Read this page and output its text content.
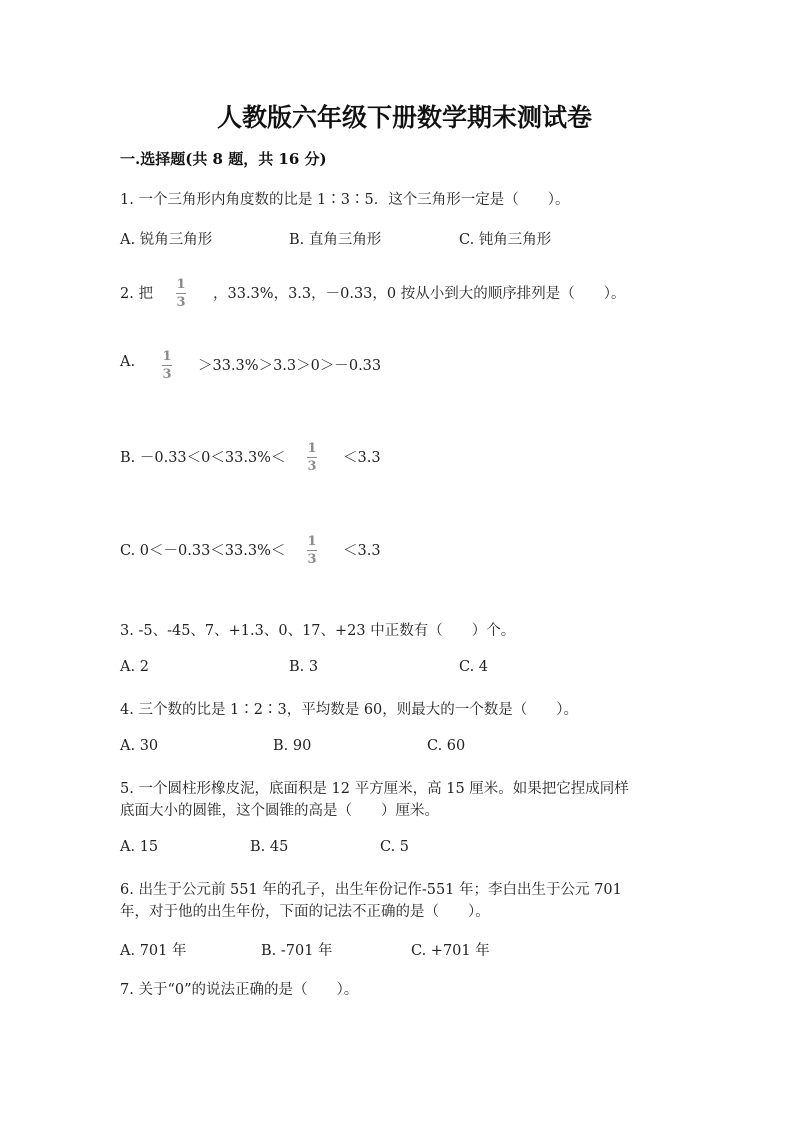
人教版六年级下册数学期末测试卷
一.选择题(共 8 题，共 16 分)
1. 一个三角形内角度数的比是 1∶3∶5．这个三角形一定是（　　）。
A. 锐角三角形	B. 直角三角形	C. 钝角三角形
2. 把
1
3
，33.3%，3.3，－0.33，0 按从小到大的顺序排列是（　　）。
A. 1
3
＞33.3%＞3.3＞0＞－0.33
B. －0.33＜0＜33.3%＜
1
3
＜3.3
C. 0＜－0.33＜33.3%＜
1
3
＜3.3
3. -5、-45、7、+1.3、0、17、+23 中正数有（　　）个。
A. 2	B. 3	C. 4
4. 三个数的比是 1∶2∶3，平均数是 60，则最大的一个数是（　　）。
A. 30	B. 90	C. 60
5. 一个圆柱形橡皮泥，底面积是 12 平方厘米，高 15 厘米。如果把它捏成同样
底面大小的圆锥，这个圆锥的高是（　　）厘米。
A. 15	B. 45	C. 5
6. 出生于公元前 551 年的孔子，出生年份记作-551 年；李白出生于公元 701
年，对于他的出生年份，下面的记法不正确的是（　　）。
A. 701 年	B. -701 年	C. +701 年
7. 关于“0”的说法正确的是（　　）。
